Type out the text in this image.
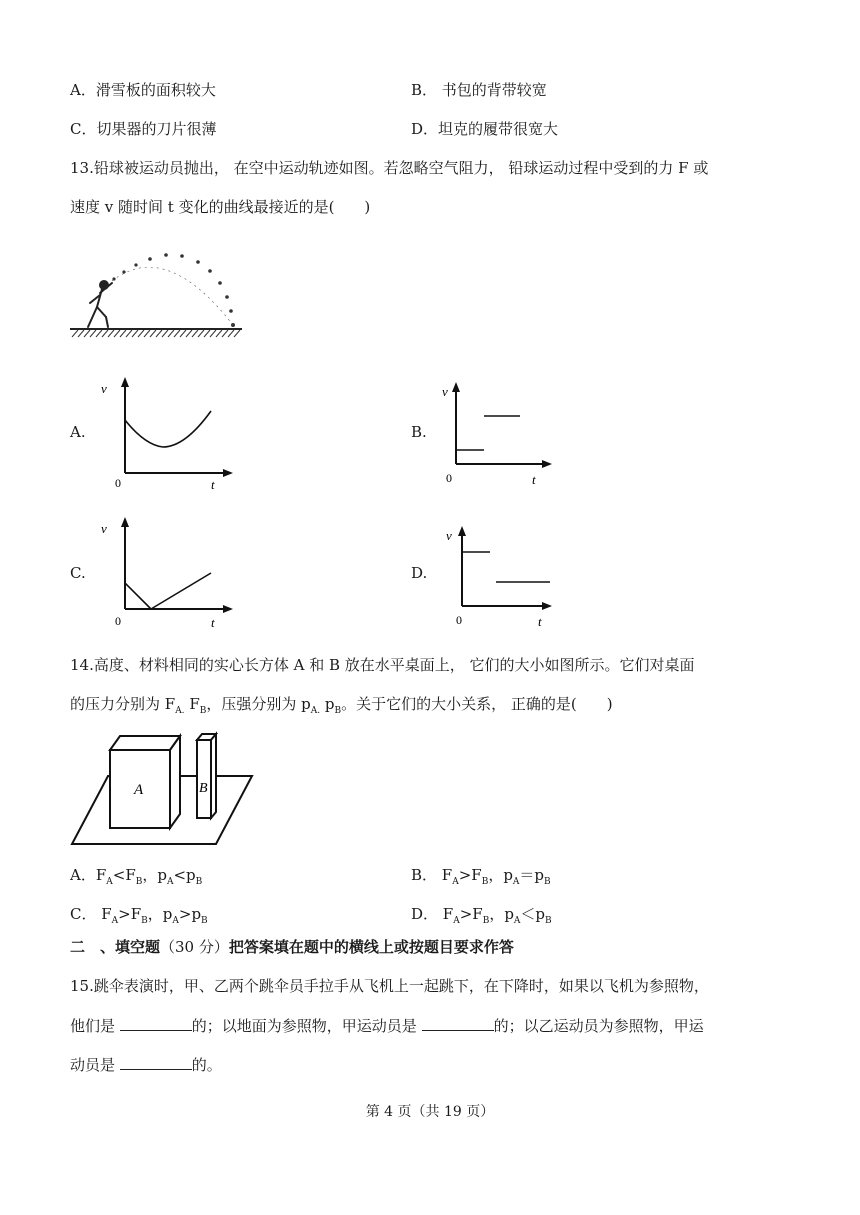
A．滑雪板的面积较大	B． 书包的背带较宽
C．切果器的刀片很薄	D．坦克的履带很宽大
13.铅球被运动员抛出， 在空中运动轨迹如图。若忽略空气阻力， 铅球运动过程中受到的力 F 或
速度 v 随时间 t 变化的曲线最接近的是(　　)
A.	B.
C.	D.
v
0	t
v
0	t
v
0	t
v
0	t
14.高度、材料相同的实心长方体 A 和 B 放在水平桌面上， 它们的大小如图所示。它们对桌面
的压力分别为 $F_{A.}$ $F_B$，压强分别为 $p_{A.}$ $p_B$。关于它们的大小关系， 正确的是(　　)
A	B
A．$F_A<F_B$，$p_A<p_B$	B． $F_A>F_B$，$p_A=p_B$
C． $F_A>F_B$，$p_A>p_B$	D． $F_A>F_B$，$p_A<p_B$
二　、填空题（30 分）把答案填在题中的横线上或按题目要求作答
15.跳伞表演时，甲、乙两个跳伞员手拉手从飞机上一起跳下，在下降时，如果以飞机为参照物，
他们是	的；以地面为参照物，甲运动员是	的；以乙运动员为参照物，甲运
动员是	的。
第 4 页（共 19 页）
